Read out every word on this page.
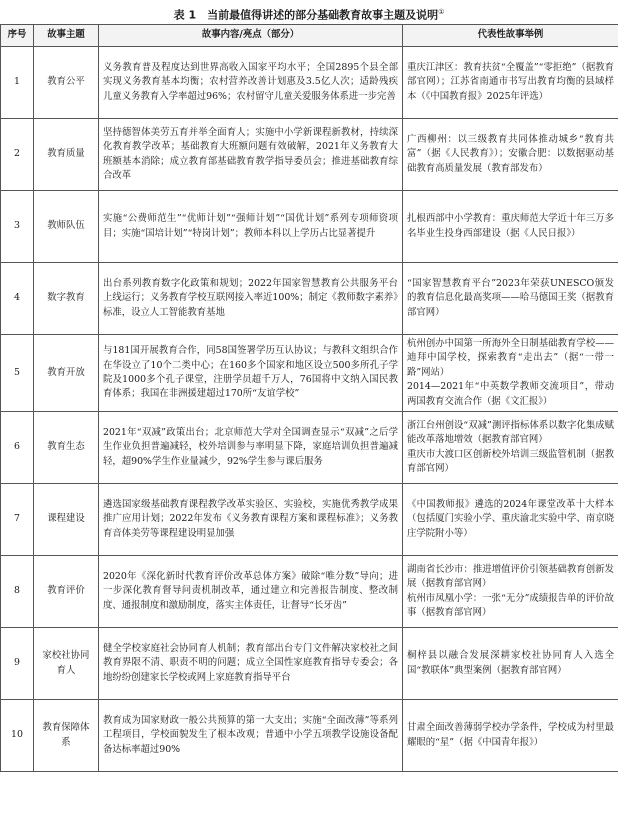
表 1　当前最值得讲述的部分基础教育故事主题及说明①
序号	故事主题	故事内容/亮点（部分）	代表性故事举例
1	教育公平	义务教育普及程度达到世界高收入国家平均水平；全国2895个县全部实现义务教育基本均衡；农村营养改善计划惠及3.5亿人次；适龄残疾儿童义务教育入学率超过96%；农村留守儿童关爱服务体系进一步完善	重庆江津区：教育扶贫“全覆盖”“零拒绝”（据教育部官网）；江苏省南通市书写出教育均衡的县域样本（《中国教育报》2025年评选）

2	教育质量	坚持德智体美劳五育并举全面育人；实施中小学新课程新教材，持续深化教育教学改革；基础教育大班额问题有效破解，2021年义务教育大班额基本消除；成立教育部基础教育教学指导委员会；推进基础教育综合改革	广西柳州：以三级教育共同体推动城乡“教育共富”（据《人民教育》）；安徽合肥：以数据驱动基础教育高质量发展（教育部发布）

3	教师队伍	实施“公费师范生”“优师计划”“强师计划”“国优计划”系列专项师资项目；实施“国培计划”“特岗计划”；教师本科以上学历占比显著提升	扎根西部中小学教育：重庆师范大学近十年三万多名毕业生投身西部建设（据《人民日报》）

4	数字教育	出台系列教育数字化政策和规划；2022年国家智慧教育公共服务平台上线运行；义务教育学校互联网接入率近100%；制定《教师数字素养》标准，设立人工智能教育基地	“国家智慧教育平台”2023年荣获UNESCO颁发的教育信息化最高奖项——哈马德国王奖（据教育部官网）

5	教育开放	与181国开展教育合作，同58国签署学历互认协议；与教科文组织合作在华设立了10个二类中心；在160多个国家和地区设立500多所孔子学院及1000多个孔子课堂，注册学员超千万人，76国将中文纳入国民教育体系；我国在非洲援建超过170所“友谊学校”	杭州创办中国第一所海外全日制基础教育学校——迪拜中国学校，探索教育“走出去”（据“一带一路”网站）
2014—2021年“中英数学教师交流项目”，带动两国教育交流合作（据《文汇报》）

6	教育生态	2021年“双减”政策出台；北京师范大学对全国调查显示“双减”之后学生作业负担普遍减轻，校外培训参与率明显下降，家庭培训负担普遍减轻，超90%学生作业量减少，92%学生参与课后服务	浙江台州创设“双减”测评指标体系以数字化集成赋能改革落地增效（据教育部官网）
重庆市大渡口区创新校外培训三级监管机制（据教育部官网）

7	课程建设	遴选国家级基础教育课程教学改革实验区、实验校，实施优秀教学成果推广应用计划；2022年发布《义务教育课程方案和课程标准》；义务教育音体美劳等课程建设明显加强	《中国教师报》遴选的2024年课堂改革十大样本（包括厦门实验小学、重庆渝北实验中学、南京晓庄学院附小等）

8	教育评价	2020年《深化新时代教育评价改革总体方案》破除“唯分数”导向；进一步深化教育督导问责机制改革，通过建立和完善报告制度、整改制度、通报制度和激励制度，落实主体责任，让督导“长牙齿”	湖南省长沙市：推进增值评价引领基础教育创新发展（据教育部官网）
杭州市凤凰小学：一张“无分”成绩报告单的评价故事（据教育部官网）

9	家校社协同育人	健全学校家庭社会协同育人机制；教育部出台专门文件解决家校社之间教育界限不清、职责不明的问题；成立全国性家庭教育指导专委会；各地纷纷创建家长学校或网上家庭教育指导平台	桐梓县以融合发展深耕家校社协同育人入选全国“教联体”典型案例（据教育部官网）

10	教育保障体系	教育成为国家财政一般公共预算的第一大支出；实施“全面改薄”等系列工程项目，学校面貌发生了根本改观；普通中小学五项教学设施设备配备达标率超过90%	甘肃全面改善薄弱学校办学条件，学校成为村里最耀眼的“星”（据《中国青年报》）
